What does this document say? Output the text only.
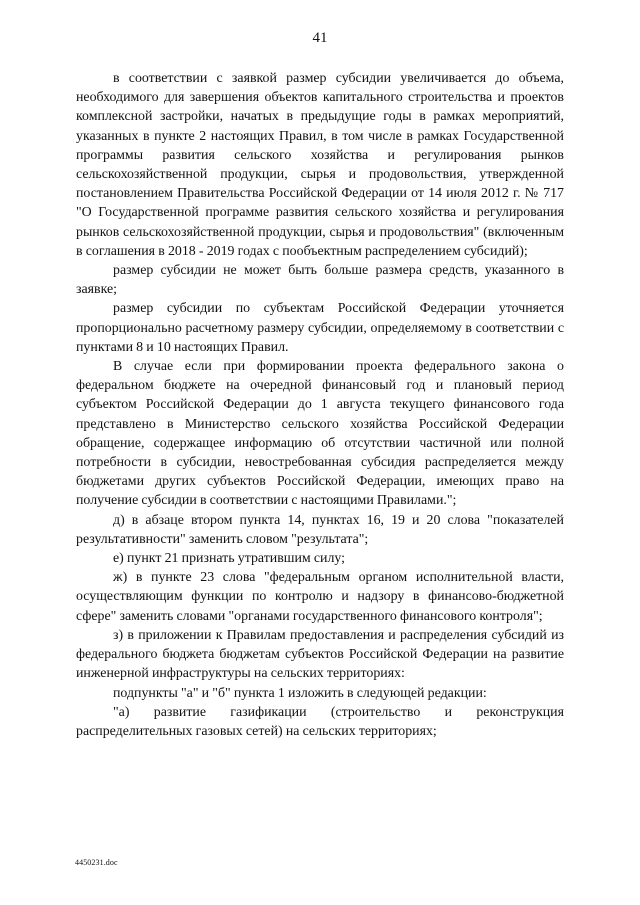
41

в соответствии с заявкой размер субсидии увеличивается до объема, необходимого для завершения объектов капитального строительства и проектов комплексной застройки, начатых в предыдущие годы в рамках мероприятий, указанных в пункте 2 настоящих Правил, в том числе в рамках Государственной программы развития сельского хозяйства и регулирования рынков сельскохозяйственной продукции, сырья и продовольствия, утвержденной постановлением Правительства Российской Федерации от 14 июля 2012 г. № 717 "О Государственной программе развития сельского хозяйства и регулирования рынков сельскохозяйственной продукции, сырья и продовольствия" (включенным в соглашения в 2018 - 2019 годах с пообъектным распределением субсидий);

размер субсидии не может быть больше размера средств, указанного в заявке;

размер субсидии по субъектам Российской Федерации уточняется пропорционально расчетному размеру субсидии, определяемому в соответствии с пунктами 8 и 10 настоящих Правил.

В случае если при формировании проекта федерального закона о федеральном бюджете на очередной финансовый год и плановый период субъектом Российской Федерации до 1 августа текущего финансового года представлено в Министерство сельского хозяйства Российской Федерации обращение, содержащее информацию об отсутствии частичной или полной потребности в субсидии, невостребованная субсидия распределяется между бюджетами других субъектов Российской Федерации, имеющих право на получение субсидии в соответствии с настоящими Правилами.";

д) в абзаце втором пункта 14, пунктах 16, 19 и 20 слова "показателей результативности" заменить словом "результата";

е) пункт 21 признать утратившим силу;

ж) в пункте 23 слова "федеральным органом исполнительной власти, осуществляющим функции по контролю и надзору в финансово-бюджетной сфере" заменить словами "органами государственного финансового контроля";

з) в приложении к Правилам предоставления и распределения субсидий из федерального бюджета бюджетам субъектов Российской Федерации на развитие инженерной инфраструктуры на сельских территориях:

подпункты "а" и "б" пункта 1 изложить в следующей редакции:

"а) развитие газификации (строительство и реконструкция распределительных газовых сетей) на сельских территориях;

4450231.doc
